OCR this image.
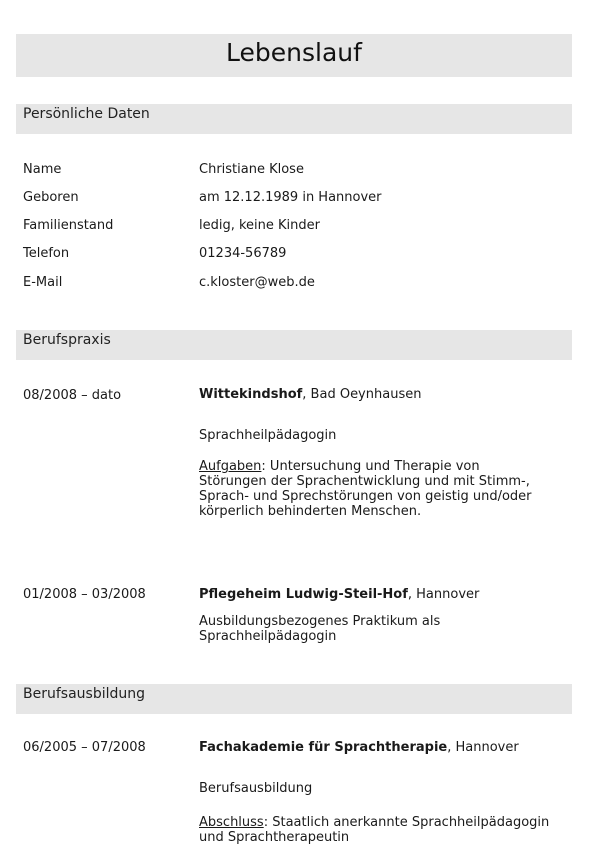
Lebenslauf
Persönliche Daten
Name	Christiane Klose
Geboren	am 12.12.1989 in Hannover
Familienstand	ledig, keine Kinder
Telefon	01234-56789
E-Mail	c.kloster@web.de
Berufspraxis
08/2008 – dato	Wittekindshof, Bad Oeynhausen
Sprachheilpädagogin
Aufgaben: Untersuchung und Therapie von Störungen der Sprachentwicklung und mit Stimm-, Sprach- und Sprechstörungen von geistig und/oder körperlich behinderten Menschen.
01/2008 – 03/2008	Pflegeheim Ludwig-Steil-Hof, Hannover
Ausbildungsbezogenes Praktikum als Sprachheilpädagogin
Berufsausbildung
06/2005 – 07/2008	Fachakademie für Sprachtherapie, Hannover
Berufsausbildung
Abschluss: Staatlich anerkannte Sprachheilpädagogin und Sprachtherapeutin
